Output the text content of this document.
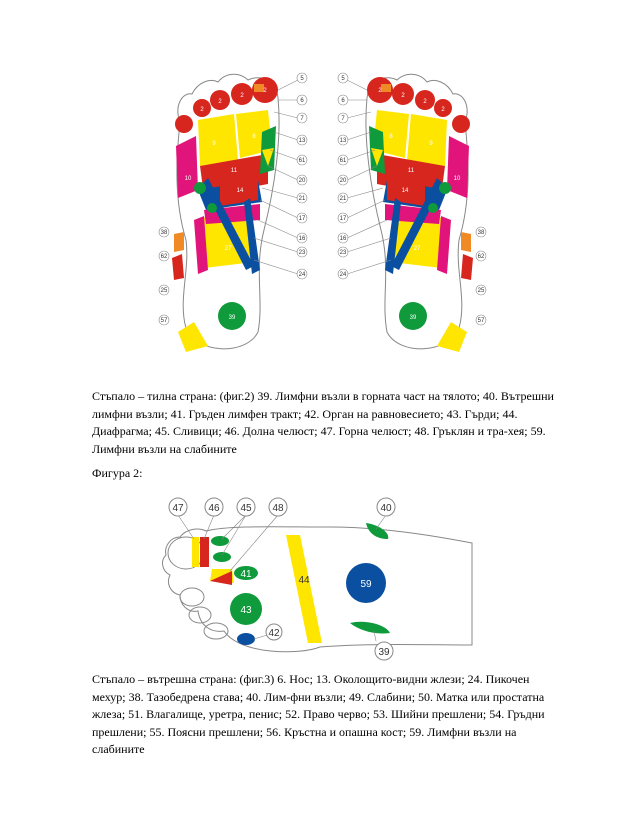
2
2
2
2
9
8
11
14
10
27
39
5
6
7
13
61
20
21
17
16
23
24
38
62
25
57
5
6
7
13
61
20
21
17
16
23
24
38
62
25
57
2
2
2
2
9
8
11
14
10
27
39

Стъпало – тилна страна: (фиг.2) 39. Лимфни възли в горната част на тялото; 40. Вътрешни лимфни възли; 41. Гръден лимфен тракт; 42. Орган на равновесието; 43. Гърди; 44. Диафрагма; 45. Сливици; 46. Долна челюст; 47. Горна челюст; 48. Гръклян и тра-хея; 59. Лимфни възли на слабините

Фигура 2:

47 46 45 48	40
41
44
43
42
59
39

Стъпало – вътрешна страна: (фиг.3) 6. Нос; 13. Околощито-видни жлези; 24. Пикочен мехур; 38. Тазобедрена става; 40. Лим-фни възли; 49. Слабини; 50. Матка или простатна жлеза; 51. Влагалище, уретра, пенис; 52. Право черво; 53. Шийни прешлени; 54. Гръдни прешлени; 55. Поясни прешлени; 56. Кръстна и опашна кост; 59. Лимфни възли на слабините
